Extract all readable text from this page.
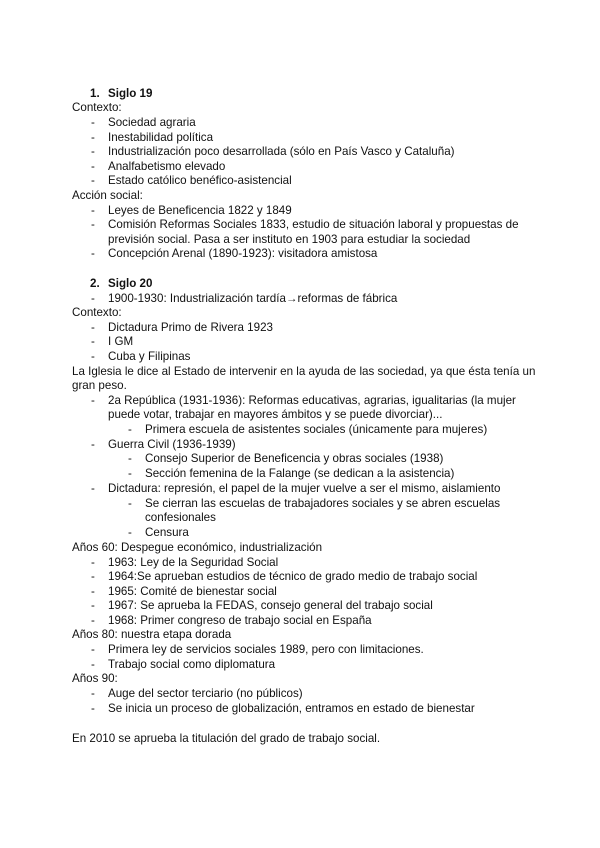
1. Siglo 19
Contexto:
- Sociedad agraria
- Inestabilidad política
- Industrialización poco desarrollada (sólo en País Vasco y Cataluña)
- Analfabetismo elevado
- Estado católico benéfico-asistencial
Acción social:
- Leyes de Beneficencia 1822 y 1849
- Comisión Reformas Sociales 1833, estudio de situación laboral y propuestas de
previsión social. Pasa a ser instituto en 1903 para estudiar la sociedad
- Concepción Arenal (1890-1923): visitadora amistosa
2. Siglo 20
- 1900-1930: Industrialización tardía→reformas de fábrica
Contexto:
- Dictadura Primo de Rivera 1923
- I GM
- Cuba y Filipinas
La Iglesia le dice al Estado de intervenir en la ayuda de las sociedad, ya que ésta tenía un
gran peso.
- 2a República (1931-1936): Reformas educativas, agrarias, igualitarias (la mujer
puede votar, trabajar en mayores ámbitos y se puede divorciar)...
- Primera escuela de asistentes sociales (únicamente para mujeres)
- Guerra Civil (1936-1939)
- Consejo Superior de Beneficencia y obras sociales (1938)
- Sección femenina de la Falange (se dedican a la asistencia)
- Dictadura: represión, el papel de la mujer vuelve a ser el mismo, aislamiento
- Se cierran las escuelas de trabajadores sociales y se abren escuelas
confesionales
- Censura
Años 60: Despegue económico, industrialización
- 1963: Ley de la Seguridad Social
- 1964:Se aprueban estudios de técnico de grado medio de trabajo social
- 1965: Comité de bienestar social
- 1967: Se aprueba la FEDAS, consejo general del trabajo social
- 1968: Primer congreso de trabajo social en España
Años 80: nuestra etapa dorada
- Primera ley de servicios sociales 1989, pero con limitaciones.
- Trabajo social como diplomatura
Años 90:
- Auge del sector terciario (no públicos)
- Se inicia un proceso de globalización, entramos en estado de bienestar
En 2010 se aprueba la titulación del grado de trabajo social.
